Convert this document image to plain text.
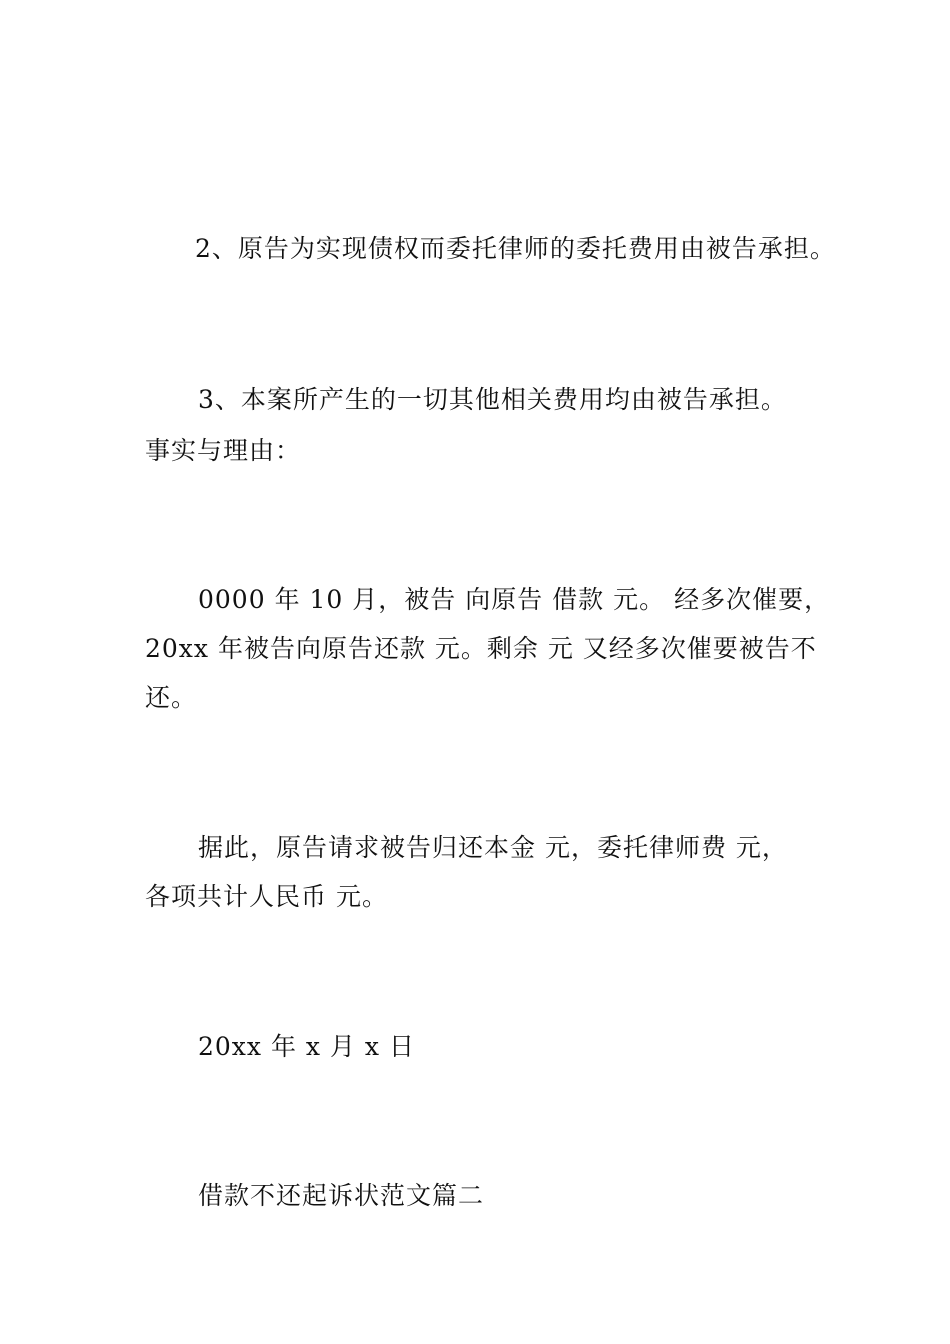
2、原告为实现债权而委托律师的委托费用由被告承担。
3、本案所产生的一切其他相关费用均由被告承担。
事实与理由：
0000 年 10 月，被告 向原告 借款 元。 经多次催要，
20xx 年被告向原告还款 元。剩余 元 又经多次催要被告不
还。
据此，原告请求被告归还本金 元，委托律师费 元，
各项共计人民币 元。
20xx 年 x 月 x 日
借款不还起诉状范文篇二
